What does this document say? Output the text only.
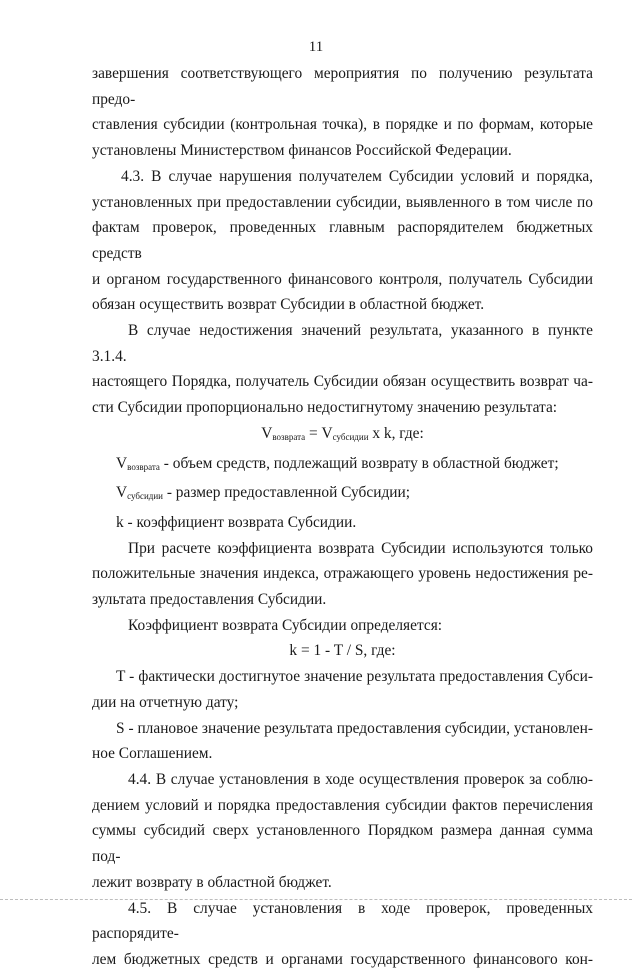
11

завершения соответствующего мероприятия по получению результата предо-

ставления субсидии (контрольная точка), в порядке и по формам, которые

установлены Министерством финансов Российской Федерации.

4.3. В случае нарушения получателем Субсидии условий и порядка,

установленных при предоставлении субсидии, выявленного в том числе по

фактам проверок, проведенных главным распорядителем бюджетных средств

и органом государственного финансового контроля, получатель Субсидии

обязан осуществить возврат Субсидии в областной бюджет.

В случае недостижения значений результата, указанного в пункте 3.1.4.

настоящего Порядка, получатель Субсидии обязан осуществить возврат ча-

сти Субсидии пропорционально недостигнутому значению результата:

$V_{возврата} = V_{субсидии}$ x k, где:

$V_{возврата}$ - объем средств, подлежащий возврату в областной бюджет;

$V_{субсидии}$ - размер предоставленной Субсидии;

k - коэффициент возврата Субсидии.

При расчете коэффициента возврата Субсидии используются только

положительные значения индекса, отражающего уровень недостижения ре-

зультата предоставления Субсидии.

Коэффициент возврата Субсидии определяется:

k = 1 - T / S, где:

T - фактически достигнутое значение результата предоставления Субси-

дии на отчетную дату;

S - плановое значение результата предоставления субсидии, установлен-

ное Соглашением.

4.4. В случае установления в ходе осуществления проверок за соблю-

дением условий и порядка предоставления субсидии фактов перечисления

суммы субсидий сверх установленного Порядком размера данная сумма под-

лежит возврату в областной бюджет.

4.5. В случае установления в ходе проверок, проведенных распорядите-

лем бюджетных средств и органами государственного финансового кон-
